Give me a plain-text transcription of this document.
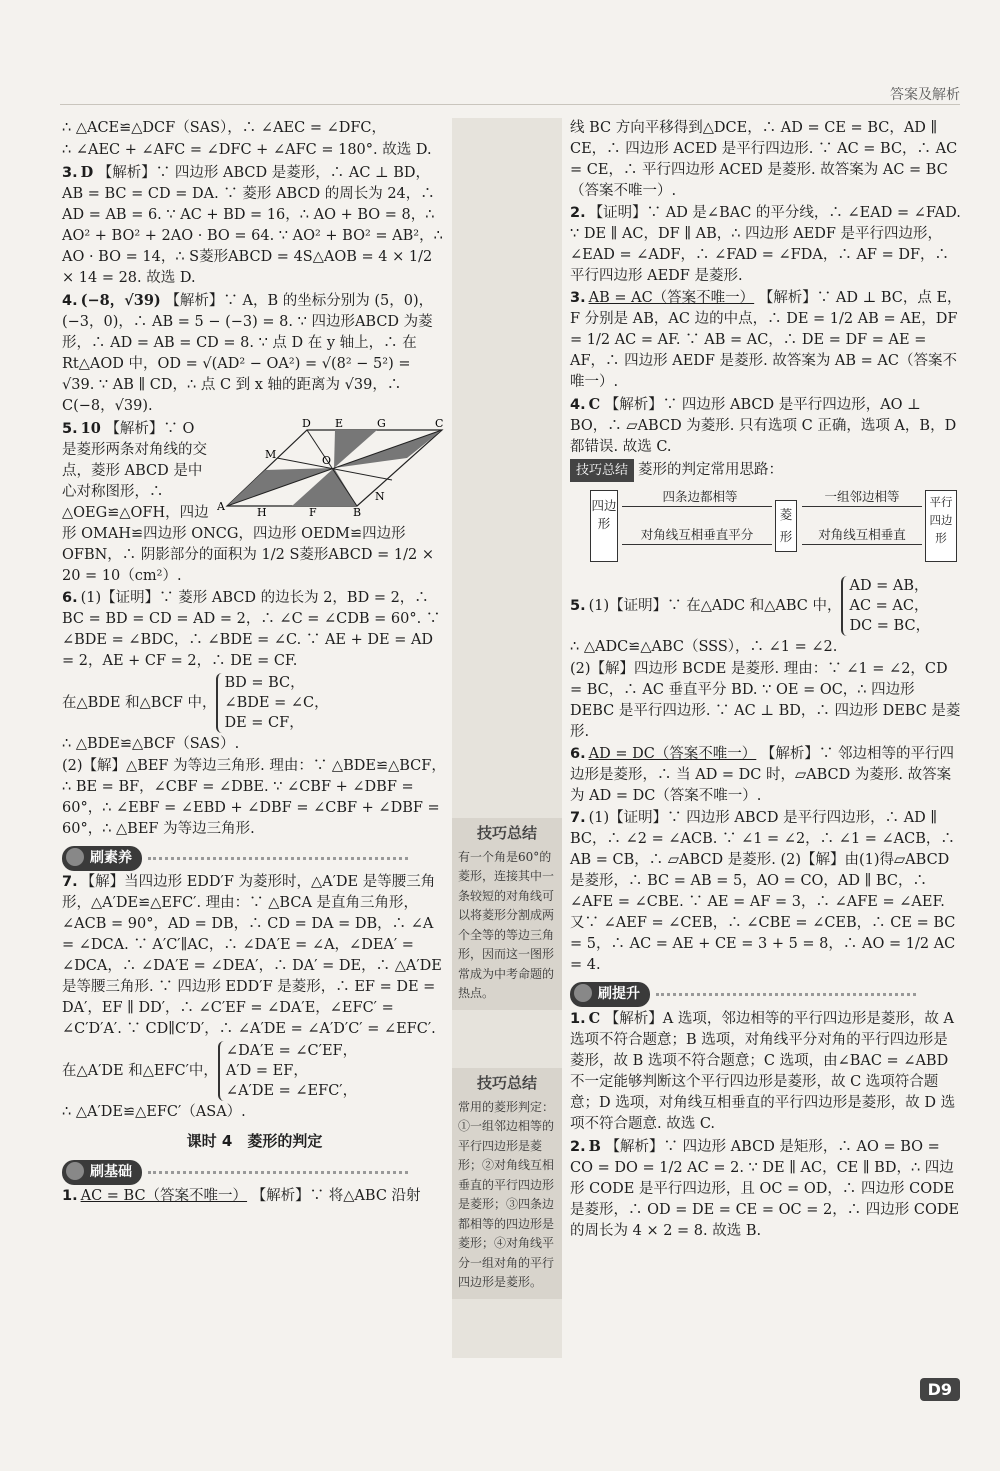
答案及解析

∴ △ACE≌△DCF（SAS），∴ ∠AEC = ∠DFC，

∴ ∠AEC + ∠AFC = ∠DFC + ∠AFC = 180°. 故选 D.

3. D 【解析】∵ 四边形 ABCD 是菱形，∴ AC ⊥ BD，AB = BC = CD = DA. ∵ 菱形 ABCD 的周长为 24，∴ AD = AB = 6. ∵ AC + BD = 16，∴ AO + BO = 8，∴ AO² + BO² + 2AO · BO = 64. ∵ AO² + BO² = AB²，∴ AO · BO = 14，∴ S菱形ABCD = 4S△AOB = 4 × 1/2 × 14 = 28. 故选 D.

4. (−8，√39) 【解析】∵ A，B 的坐标分别为 (5，0)，(−3，0)，∴ AB = 5 − (−3) = 8. ∵ 四边形ABCD 为菱形，∴ AD = AB = CD = 8. ∵ 点 D 在 y 轴上，∴ 在 Rt△AOD 中，OD = √(AD² − OA²) = √(8² − 5²) = √39. ∵ AB ∥ CD，∴ 点 C 到 x 轴的距离为 √39，∴ C(−8，√39).

D E	G	C
M	O
A	H	F	B
N

5. 10 【解析】∵ O 是菱形两条对角线的交点，菱形 ABCD 是中心对称图形，∴ △OEG≌△OFH，四边形 OMAH≌四边形 ONCG，四边形 OEDM≌四边形 OFBN，∴ 阴影部分的面积为 1/2 S菱形ABCD = 1/2 × 20 = 10（cm²）.

6. (1)【证明】∵ 菱形 ABCD 的边长为 2，BD = 2，∴ BC = BD = CD = AD = 2，∴ ∠C = ∠CDB = 60°. ∵ ∠BDE = ∠BDC，∴ ∠BDE = ∠C. ∵ AE + DE = AD = 2，AE + CF = 2，∴ DE = CF.

在△BDE 和△BCF 中，BD = BC，
∠BDE = ∠C，
DE = CF，

∴ △BDE≌△BCF（SAS）.

(2)【解】△BEF 为等边三角形. 理由：∵ △BDE≌△BCF，∴ BE = BF，∠CBF = ∠DBE. ∵ ∠CBF + ∠DBF = 60°，∴ ∠EBF = ∠EBD + ∠DBF = ∠CBF + ∠DBF = 60°，∴ △BEF 为等边三角形.

刷素养

7. 【解】当四边形 EDD′F 为菱形时，△A′DE 是等腰三角形，△A′DE≌△EFC′. 理由：∵ △BCA 是直角三角形，∠ACB = 90°，AD = DB，∴ CD = DA = DB，∴ ∠A = ∠DCA. ∵ A′C′∥AC，∴ ∠DA′E = ∠A，∠DEA′ = ∠DCA，∴ ∠DA′E = ∠DEA′，∴ DA′ = DE，∴ △A′DE 是等腰三角形. ∵ 四边形 EDD′F 是菱形，∴ EF = DE = DA′，EF ∥ DD′，∴ ∠C′EF = ∠DA′E，∠EFC′ = ∠C′D′A′. ∵ CD∥C′D′，∴ ∠A′DE = ∠A′D′C′ = ∠EFC′.

在△A′DE 和△EFC′中，∠DA′E = ∠C′EF，
A′D = EF，
∠A′DE = ∠EFC′，

∴ △A′DE≌△EFC′（ASA）.

课时 4　菱形的判定

刷基础

1. AC = BC（答案不唯一） 【解析】∵ 将△ABC 沿射

技巧总结
有一个角是60°的菱形，连接其中一条较短的对角线可以将菱形分割成两个全等的等边三角形，因而这一图形常成为中考命题的热点。
技巧总结
常用的菱形判定：①一组邻边相等的平行四边形是菱形；②对角线互相垂直的平行四边形是菱形；③四条边都相等的四边形是菱形；④对角线平分一组对角的平行四边形是菱形。

线 BC 方向平移得到△DCE，∴ AD = CE = BC，AD ∥ CE，∴ 四边形 ACED 是平行四边形. ∵ AC = BC，∴ AC = CE，∴ 平行四边形 ACED 是菱形. 故答案为 AC = BC（答案不唯一）.

2. 【证明】∵ AD 是∠BAC 的平分线，∴ ∠EAD = ∠FAD. ∵ DE ∥ AC，DF ∥ AB，∴ 四边形 AEDF 是平行四边形，∠EAD = ∠ADF，∴ ∠FAD = ∠FDA，∴ AF = DF，∴ 平行四边形 AEDF 是菱形.

3. AB = AC（答案不唯一） 【解析】∵ AD ⊥ BC，点 E，F 分别是 AB，AC 边的中点，∴ DE = 1/2 AB = AE，DF = 1/2 AC = AF. ∵ AB = AC，∴ DE = DF = AE = AF，∴ 四边形 AEDF 是菱形. 故答案为 AB = AC（答案不唯一）.

4. C 【解析】∵ 四边形 ABCD 是平行四边形，AO ⊥ BO，∴ ▱ABCD 为菱形. 只有选项 C 正确，选项 A，B，D 都错误. 故选 C.

技巧总结 菱形的判定常用思路：

四边形
四条边都相等
对角线互相垂直平分
菱形
一组邻边相等
对角线互相垂直
平行四边形

5. (1)【证明】∵ 在△ADC 和△ABC 中，AD = AB，
AC = AC，
DC = BC，

∴ △ADC≌△ABC（SSS），∴ ∠1 = ∠2.

(2)【解】四边形 BCDE 是菱形. 理由：∵ ∠1 = ∠2，CD = BC，∴ AC 垂直平分 BD. ∵ OE = OC，∴ 四边形 DEBC 是平行四边形. ∵ AC ⊥ BD，∴ 四边形 DEBC 是菱形.

6. AD = DC（答案不唯一） 【解析】∵ 邻边相等的平行四边形是菱形，∴ 当 AD = DC 时，▱ABCD 为菱形. 故答案为 AD = DC（答案不唯一）.

7. (1)【证明】∵ 四边形 ABCD 是平行四边形，∴ AD ∥ BC，∴ ∠2 = ∠ACB. ∵ ∠1 = ∠2，∴ ∠1 = ∠ACB，∴ AB = CB，∴ ▱ABCD 是菱形. (2)【解】由(1)得▱ABCD 是菱形，∴ BC = AB = 5，AO = CO，AD ∥ BC，∴ ∠AFE = ∠CBE. ∵ AE = AF = 3，∴ ∠AFE = ∠AEF. 又∵ ∠AEF = ∠CEB，∴ ∠CBE = ∠CEB，∴ CE = BC = 5，∴ AC = AE + CE = 3 + 5 = 8，∴ AO = 1/2 AC = 4.

刷提升

1. C 【解析】A 选项，邻边相等的平行四边形是菱形，故 A 选项不符合题意；B 选项，对角线平分对角的平行四边形是菱形，故 B 选项不符合题意；C 选项，由∠BAC = ∠ABD 不一定能够判断这个平行四边形是菱形，故 C 选项符合题意；D 选项，对角线互相垂直的平行四边形是菱形，故 D 选项不符合题意. 故选 C.

2. B 【解析】∵ 四边形 ABCD 是矩形，∴ AO = BO = CO = DO = 1/2 AC = 2. ∵ DE ∥ AC，CE ∥ BD，∴ 四边形 CODE 是平行四边形，且 OC = OD，∴ 四边形 CODE 是菱形，∴ OD = DE = CE = OC = 2，∴ 四边形 CODE 的周长为 4 × 2 = 8. 故选 B.

D9
